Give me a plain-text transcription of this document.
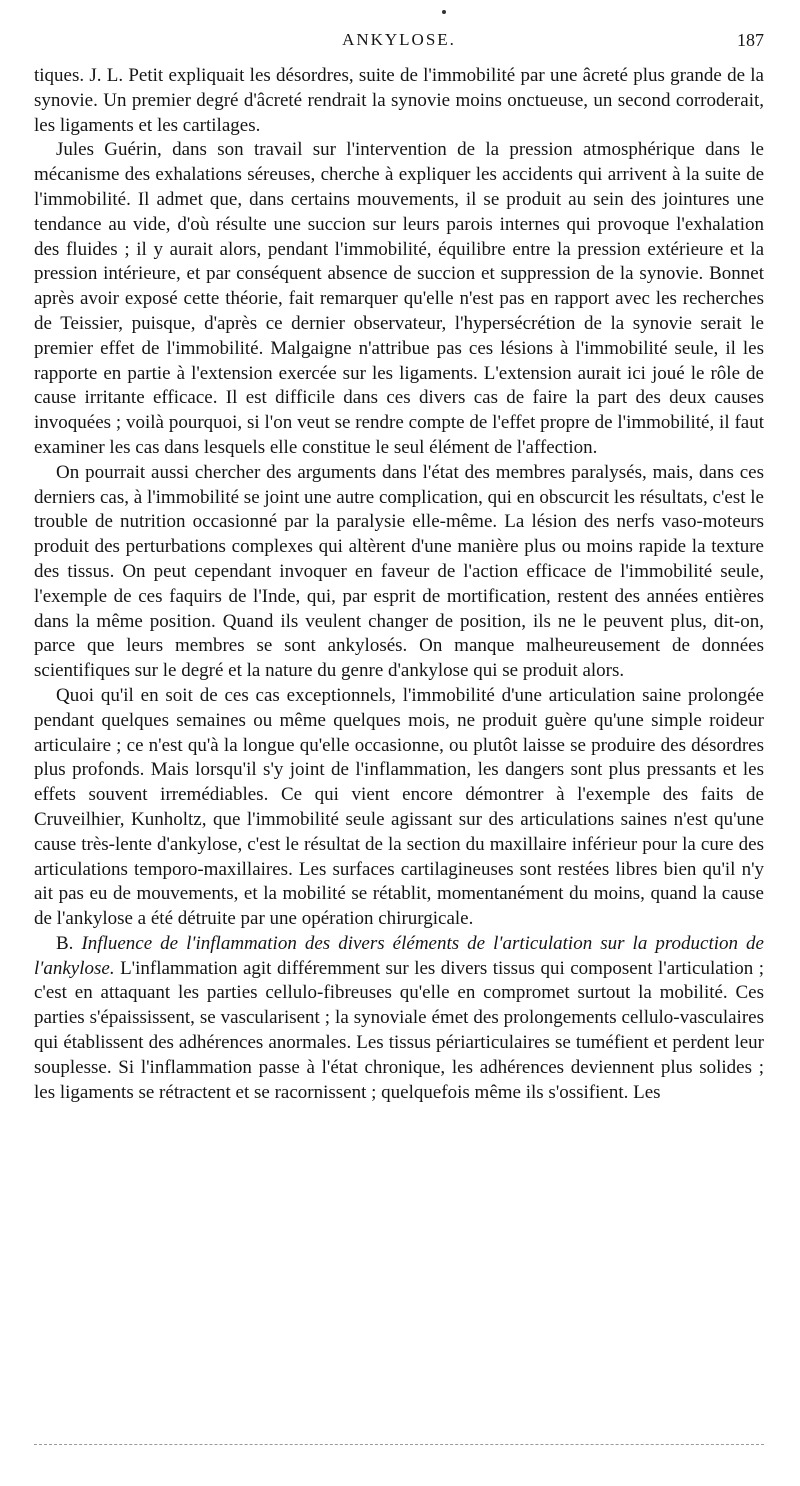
ANKYLOSE.	187

tiques. J. L. Petit expliquait les désordres, suite de l'immobilité par une âcreté plus grande de la synovie. Un premier degré d'âcreté rendrait la synovie moins onctueuse, un second corroderait, les ligaments et les cartilages.

Jules Guérin, dans son travail sur l'intervention de la pression atmosphérique dans le mécanisme des exhalations séreuses, cherche à expliquer les accidents qui arrivent à la suite de l'immobilité. Il admet que, dans certains mouvements, il se produit au sein des jointures une tendance au vide, d'où résulte une succion sur leurs parois internes qui provoque l'exhalation des fluides ; il y aurait alors, pendant l'immobilité, équilibre entre la pression extérieure et la pression intérieure, et par conséquent absence de succion et suppression de la synovie. Bonnet après avoir exposé cette théorie, fait remarquer qu'elle n'est pas en rapport avec les recherches de Teissier, puisque, d'après ce dernier observateur, l'hypersécrétion de la synovie serait le premier effet de l'immobilité. Malgaigne n'attribue pas ces lésions à l'immobilité seule, il les rapporte en partie à l'extension exercée sur les ligaments. L'extension aurait ici joué le rôle de cause irritante efficace. Il est difficile dans ces divers cas de faire la part des deux causes invoquées ; voilà pourquoi, si l'on veut se rendre compte de l'effet propre de l'immobilité, il faut examiner les cas dans lesquels elle constitue le seul élément de l'affection.

On pourrait aussi chercher des arguments dans l'état des membres paralysés, mais, dans ces derniers cas, à l'immobilité se joint une autre complication, qui en obscurcit les résultats, c'est le trouble de nutrition occasionné par la paralysie elle-même. La lésion des nerfs vaso-moteurs produit des perturbations complexes qui altèrent d'une manière plus ou moins rapide la texture des tissus. On peut cependant invoquer en faveur de l'action efficace de l'immobilité seule, l'exemple de ces faquirs de l'Inde, qui, par esprit de mortification, restent des années entières dans la même position. Quand ils veulent changer de position, ils ne le peuvent plus, dit-on, parce que leurs membres se sont ankylosés. On manque malheureusement de données scientifiques sur le degré et la nature du genre d'ankylose qui se produit alors.

Quoi qu'il en soit de ces cas exceptionnels, l'immobilité d'une articulation saine prolongée pendant quelques semaines ou même quelques mois, ne produit guère qu'une simple roideur articulaire ; ce n'est qu'à la longue qu'elle occasionne, ou plutôt laisse se produire des désordres plus profonds. Mais lorsqu'il s'y joint de l'inflammation, les dangers sont plus pressants et les effets souvent irremédiables. Ce qui vient encore démontrer à l'exemple des faits de Cruveilhier, Kunholtz, que l'immobilité seule agissant sur des articulations saines n'est qu'une cause très-lente d'ankylose, c'est le résultat de la section du maxillaire inférieur pour la cure des articulations temporo-maxillaires. Les surfaces cartilagineuses sont restées libres bien qu'il n'y ait pas eu de mouvements, et la mobilité se rétablit, momentanément du moins, quand la cause de l'ankylose a été détruite par une opération chirurgicale.

B. Influence de l'inflammation des divers éléments de l'articulation sur la production de l'ankylose. L'inflammation agit différemment sur les divers tissus qui composent l'articulation ; c'est en attaquant les parties cellulo-fibreuses qu'elle en compromet surtout la mobilité. Ces parties s'épaississent, se vascularisent ; la synoviale émet des prolongements cellulo-vasculaires qui établissent des adhérences anormales. Les tissus périarticulaires se tuméfient et perdent leur souplesse. Si l'inflammation passe à l'état chronique, les adhérences deviennent plus solides ; les ligaments se rétractent et se racornissent ; quelquefois même ils s'ossifient. Les
